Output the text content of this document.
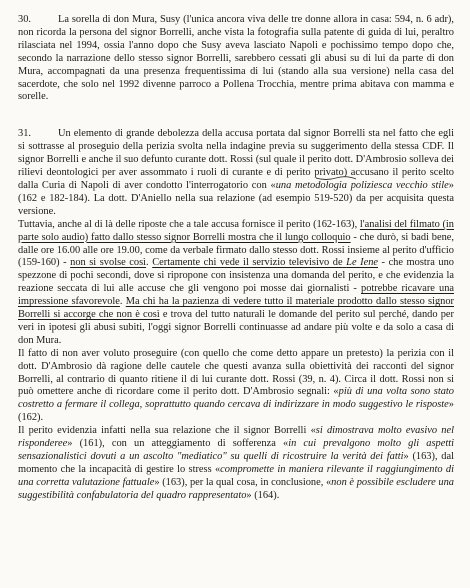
30.	La sorella di don Mura, Susy (l'unica ancora viva delle tre donne allora in casa: 594, n. 6 adr), non ricorda la persona del signor Borrelli, anche vista la fotografia sulla patente di guida di lui, peraltro rilasciata nel 1994, ossia l'anno dopo che Susy aveva lasciato Napoli e pochissimo tempo dopo che, secondo la narrazione dello stesso signor Borrelli, sarebbero cessati gli abusi su di lui da parte di don Mura, accompagnati da una presenza frequentissima di lui (stando alla sua versione) nella casa del sacerdote, che solo nel 1992 divenne parroco a Pollena Trocchia, mentre prima abitava con mamma e sorelle.

31.	Un elemento di grande debolezza della accusa portata dal signor Borrelli sta nel fatto che egli si sottrasse al proseguio della perizia svolta nella indagine previa su suggerimento della stessa CDF. Il signor Borrelli e anche il suo defunto curante dott. Rossi (sul quale il perito dott. D'Ambrosio solleva dei rilievi deontologici per aver assommato i ruoli di curante e di perito privato
) accusano il perito scelto dalla Curia di Napoli di aver condotto l'interrogatorio con «una metodologia poliziesca vecchio stile» (162 e 182-184). La dott. D'Aniello nella sua relazione (ad esempio 519-520) da per acquisita questa versione.

Tuttavia, anche al di là delle riposte che a tale accusa fornisce il perito (162-163), l'analisi del filmato (in parte solo audio) fatto dallo stesso signor Borrelli mostra che il lungo colloquio - che durò, si badi bene, dalle ore 16.00 alle ore 19.00, come da verbale firmato dallo stesso dott. Rossi insieme al perito d'ufficio (159-160) - non si svolse così. Certamente chi vede il servizio televisivo de Le Iene - che mostra uno spezzone di pochi secondi, dove si ripropone con insistenza una domanda del perito, e che evidenzia la reazione seccata di lui alle accuse che gli vengono poi mosse dai giornalisti - potrebbe ricavare una impressione sfavorevole. Ma chi ha la pazienza di vedere tutto il materiale prodotto dallo stesso signor Borrelli si accorge che non è così e trova del tutto naturali le domande del perito sul perché, dando per veri in ipotesi gli abusi subiti, l'oggi signor Borrelli continuasse ad andare più volte e da solo a casa di don Mura.

Il fatto di non aver voluto proseguire (con quello che come detto appare un pretesto) la perizia con il dott. D'Ambrosio dà ragione delle cautele che questi avanza sulla obiettività dei racconti del signor Borrelli, al contrario di quanto ritiene il di lui curante dott. Rossi (39, n. 4). Circa il dott. Rossi non si può omettere anche di ricordare come il perito dott. D'Ambrosio segnali: «più di una volta sono stato costretto a fermare il collega, soprattutto quando cercava di indirizzare in modo suggestivo le risposte» (162).

Il perito evidenzia infatti nella sua relazione che il signor Borrelli «si dimostrava molto evasivo nel risponderee» (161), con un atteggiamento di sofferenza «in cui prevalgono molto gli aspetti sensazionalistici dovuti a un ascolto "mediatico" su quelli di ricostruire la verità dei fatti» (163), dal momento che la incapacità di gestire lo stress «compromette in maniera rilevante il raggiungimento di una corretta valutazione fattuale» (163), per la qual cosa, in conclusione, «non è possibile escludere una suggestibilità confabulatoria del quadro rappresentato» (164).
